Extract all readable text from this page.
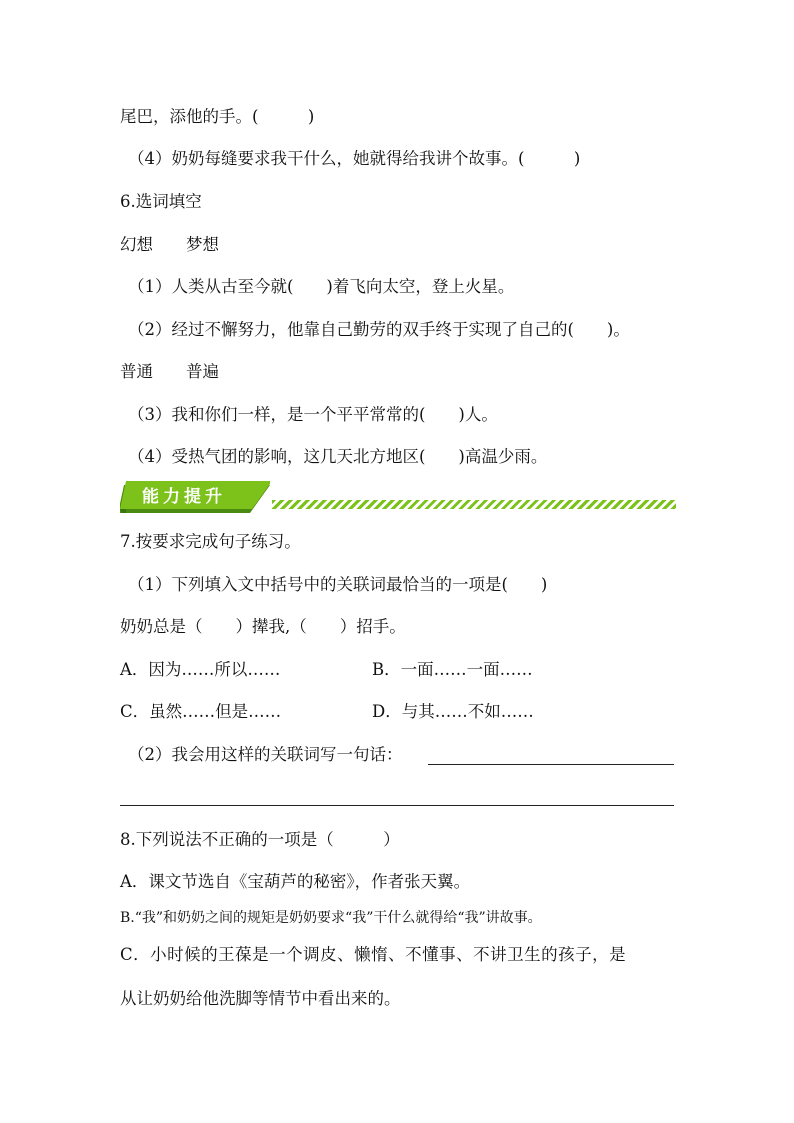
尾巴，添他的手。(　　　)
（4）奶奶每缝要求我干什么，她就得给我讲个故事。(　　　)
6.选词填空
幻想　　梦想
（1）人类从古至今就(　　)着飞向太空，登上火星。
（2）经过不懈努力，他靠自己勤劳的双手终于实现了自己的(　　)。
普通　　普遍
（3）我和你们一样，是一个平平常常的(　　)人。
（4）受热气团的影响，这几天北方地区(　　)高温少雨。
能力提升
7.按要求完成句子练习。
（1）下列填入文中括号中的关联词最恰当的一项是(　　)
奶奶总是（　　）撵我,（　　）招手。
A．因为……所以……	B．一面……一面……
C．虽然……但是……	D．与其……不如……
（2）我会用这样的关联词写一句话：
8.下列说法不正确的一项是（　　　）
A．课文节选自《宝葫芦的秘密》，作者张天翼。
B.“我”和奶奶之间的规矩是奶奶要求“我”干什么就得给“我”讲故事。
C．小时候的王葆是一个调皮、懒惰、不懂事、不讲卫生的孩子，是
从让奶奶给他洗脚等情节中看出来的。
